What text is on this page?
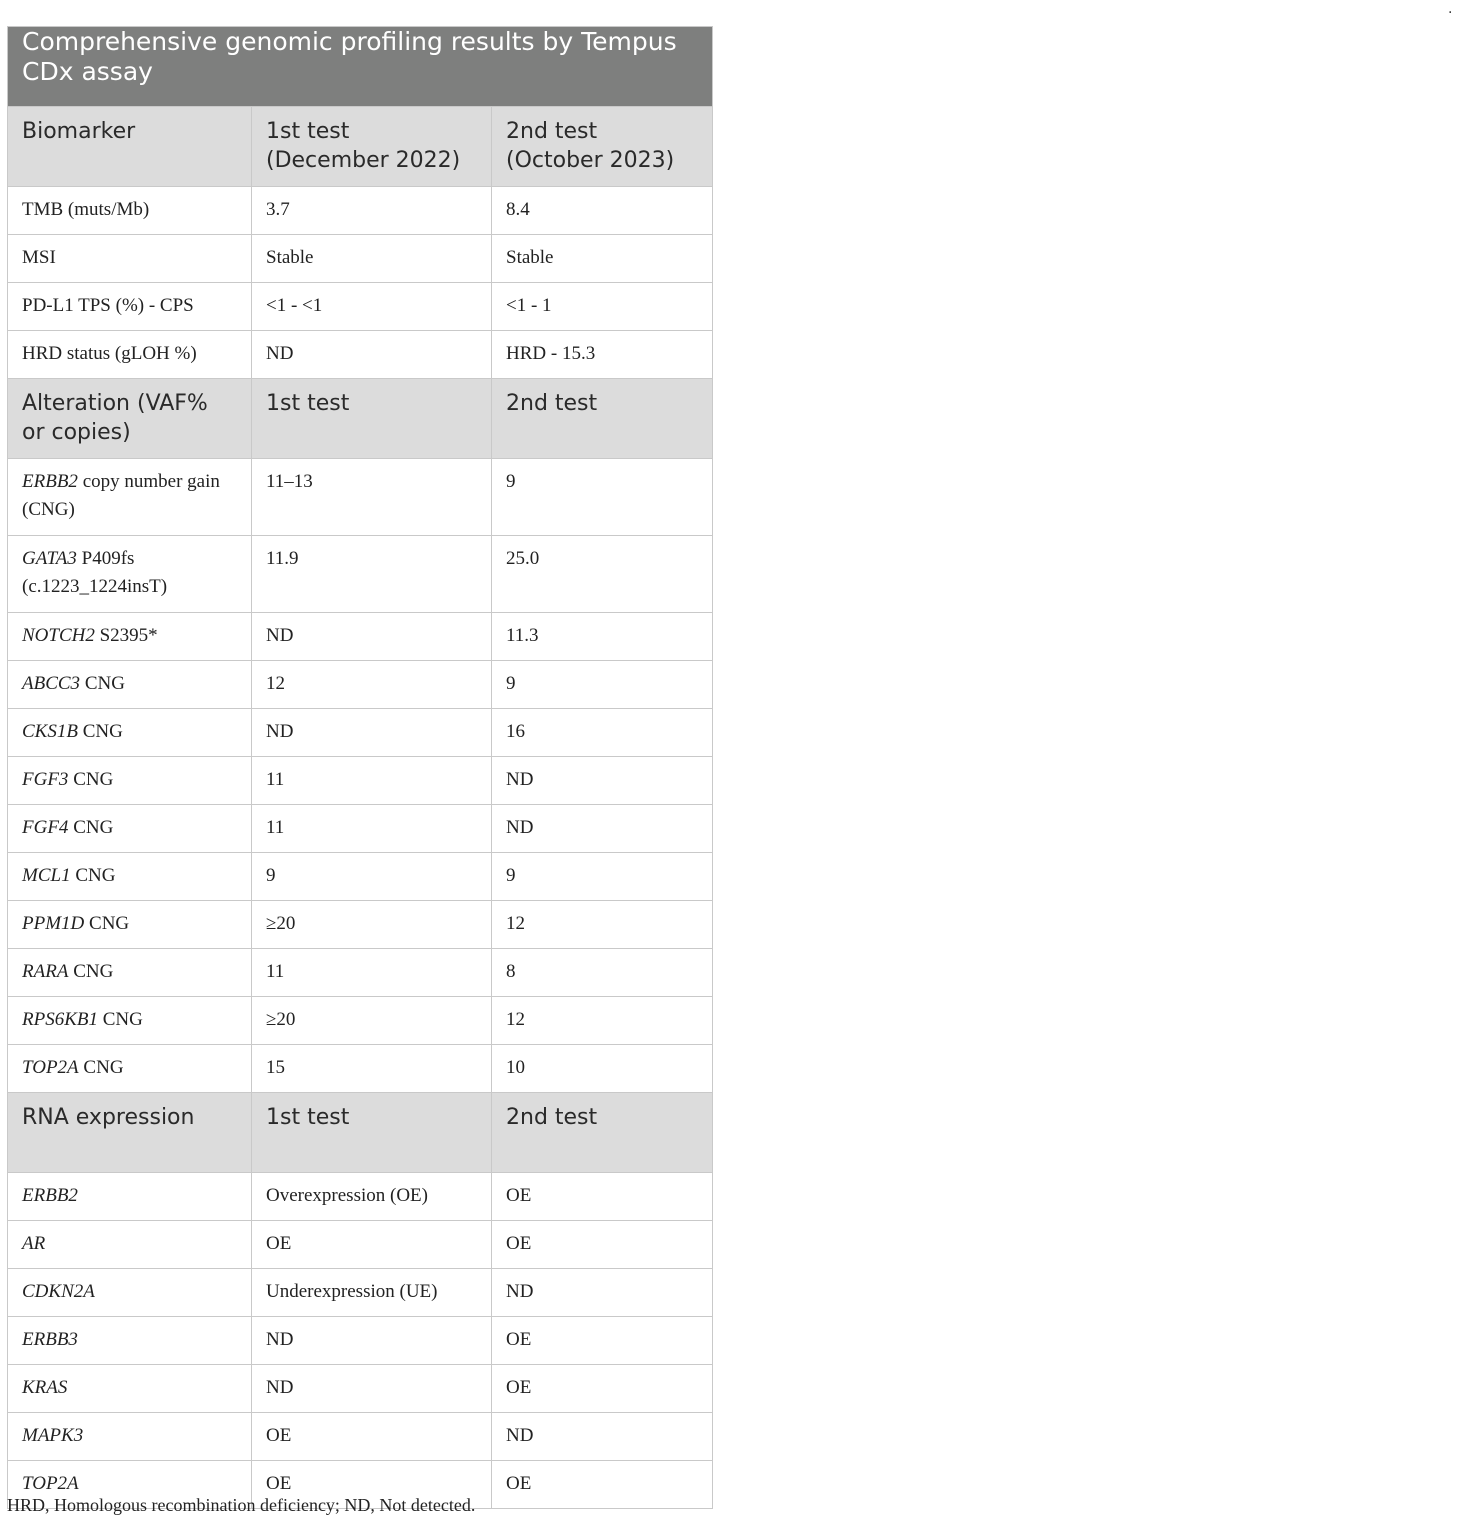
.
Comprehensive genomic profiling results by Tempus CDx assay		
Biomarker	1st test (December 2022)	2nd test (October 2023)
TMB (muts/Mb)	3.7	8.4
MSI	Stable	Stable
PD-L1 TPS (%) - CPS	<1 - <1	<1 - 1
HRD status (gLOH %)	ND	HRD - 15.3
Alteration (VAF% or copies)	1st test	2nd test
ERBB2 copy number gain (CNG)	11–13	9
GATA3 P409fs (c.1223_1224insT)	11.9	25.0
NOTCH2 S2395*	ND	11.3
ABCC3 CNG	12	9
CKS1B CNG	ND	16
FGF3 CNG	11	ND
FGF4 CNG	11	ND
MCL1 CNG	9	9
PPM1D CNG	≥20	12
RARA CNG	11	8
RPS6KB1 CNG	≥20	12
TOP2A CNG	15	10
RNA expression	1st test	2nd test
ERBB2	Overexpression (OE)	OE
AR	OE	OE
CDKN2A	Underexpression (UE)	ND
ERBB3	ND	OE
KRAS	ND	OE
MAPK3	OE	ND
TOP2A	OE	OE
HRD, Homologous recombination deficiency; ND, Not detected.
